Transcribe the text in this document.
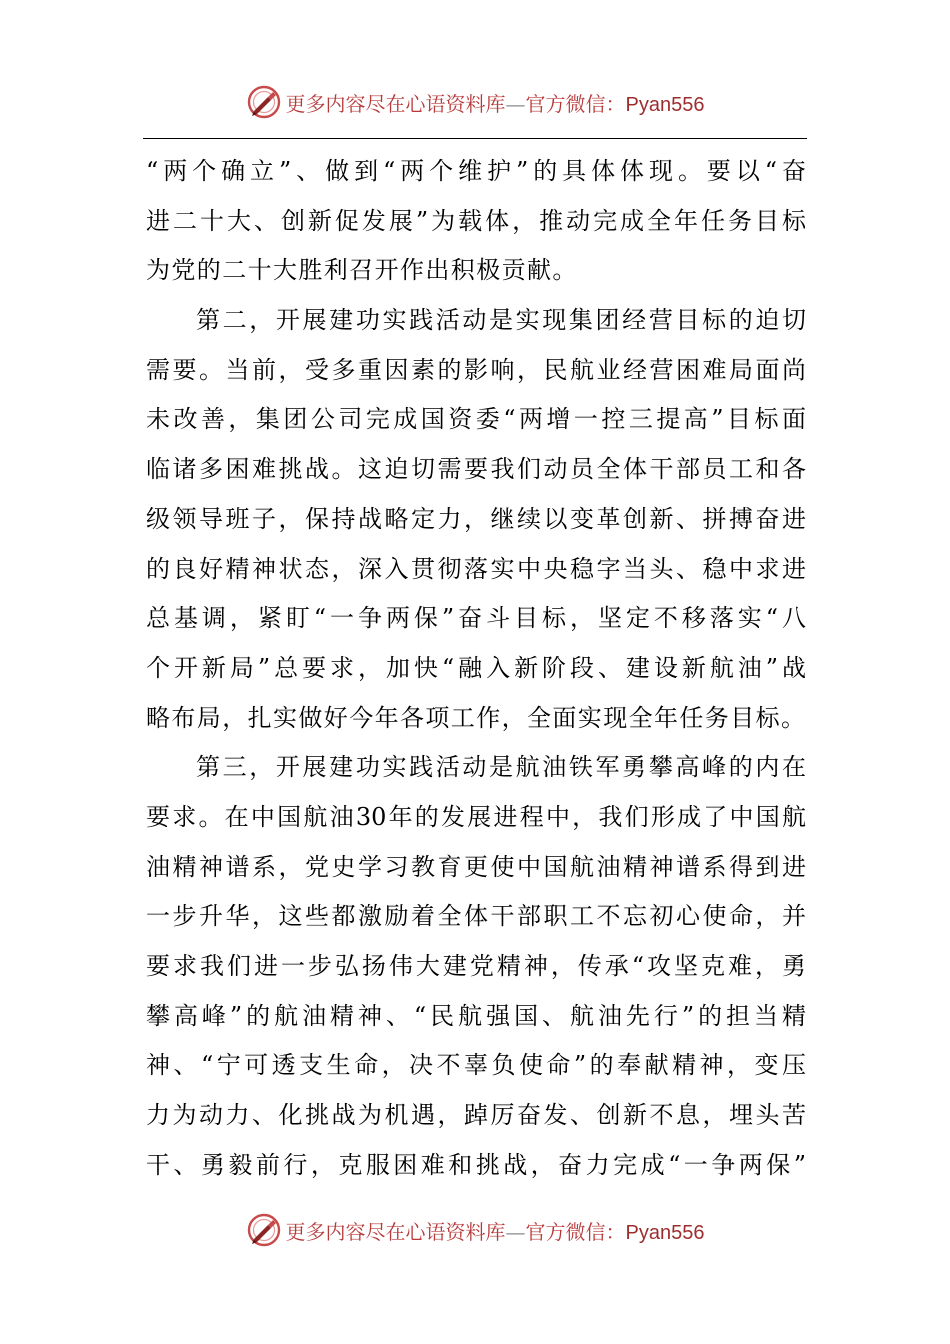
更多内容尽在心语资料库—官方微信：Pyan556
“两个确立”、做到“两个维护”的具体体现。要以“奋
进二十大、创新促发展”为载体，推动完成全年任务目标
为党的二十大胜利召开作出积极贡献。
第二，开展建功实践活动是实现集团经营目标的迫切
需要。当前，受多重因素的影响，民航业经营困难局面尚
未改善，集团公司完成国资委“两增一控三提高”目标面
临诸多困难挑战。这迫切需要我们动员全体干部员工和各
级领导班子，保持战略定力，继续以变革创新、拼搏奋进
的良好精神状态，深入贯彻落实中央稳字当头、稳中求进
总基调，紧盯“一争两保”奋斗目标，坚定不移落实“八
个开新局”总要求，加快“融入新阶段、建设新航油”战
略布局，扎实做好今年各项工作，全面实现全年任务目标。
第三，开展建功实践活动是航油铁军勇攀高峰的内在
要求。在中国航油30年的发展进程中，我们形成了中国航
油精神谱系，党史学习教育更使中国航油精神谱系得到进
一步升华，这些都激励着全体干部职工不忘初心使命，并
要求我们进一步弘扬伟大建党精神，传承“攻坚克难，勇
攀高峰”的航油精神、“民航强国、航油先行”的担当精
神、“宁可透支生命，决不辜负使命”的奉献精神，变压
力为动力、化挑战为机遇，踔厉奋发、创新不息，埋头苦
干、勇毅前行，克服困难和挑战，奋力完成“一争两保”
更多内容尽在心语资料库—官方微信：Pyan556
